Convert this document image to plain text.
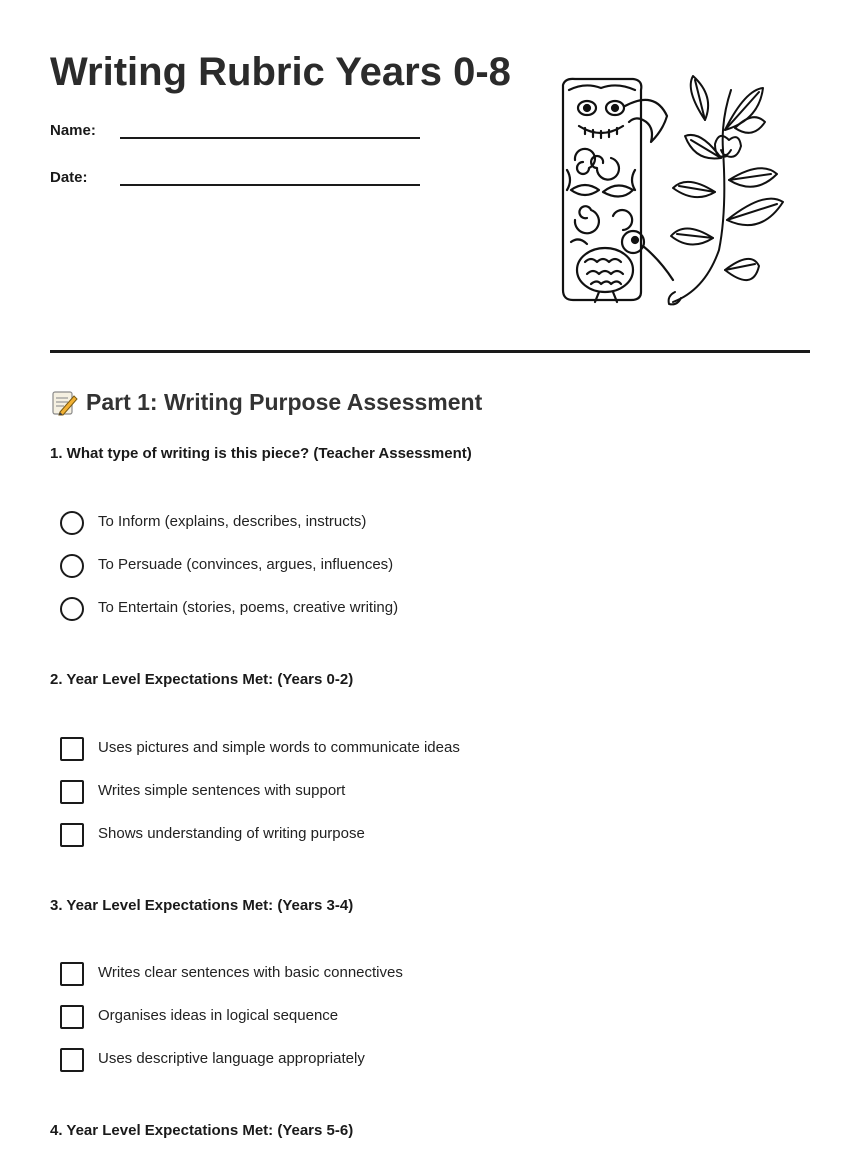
Writing Rubric Years 0-8
Name:
Date:
Part 1: Writing Purpose Assessment
1. What type of writing is this piece? (Teacher Assessment)
To Inform (explains, describes, instructs)
To Persuade (convinces, argues, influences)
To Entertain (stories, poems, creative writing)
2. Year Level Expectations Met: (Years 0-2)
Uses pictures and simple words to communicate ideas
Writes simple sentences with support
Shows understanding of writing purpose
3. Year Level Expectations Met: (Years 3-4)
Writes clear sentences with basic connectives
Organises ideas in logical sequence
Uses descriptive language appropriately
4. Year Level Expectations Met: (Years 5-6)
